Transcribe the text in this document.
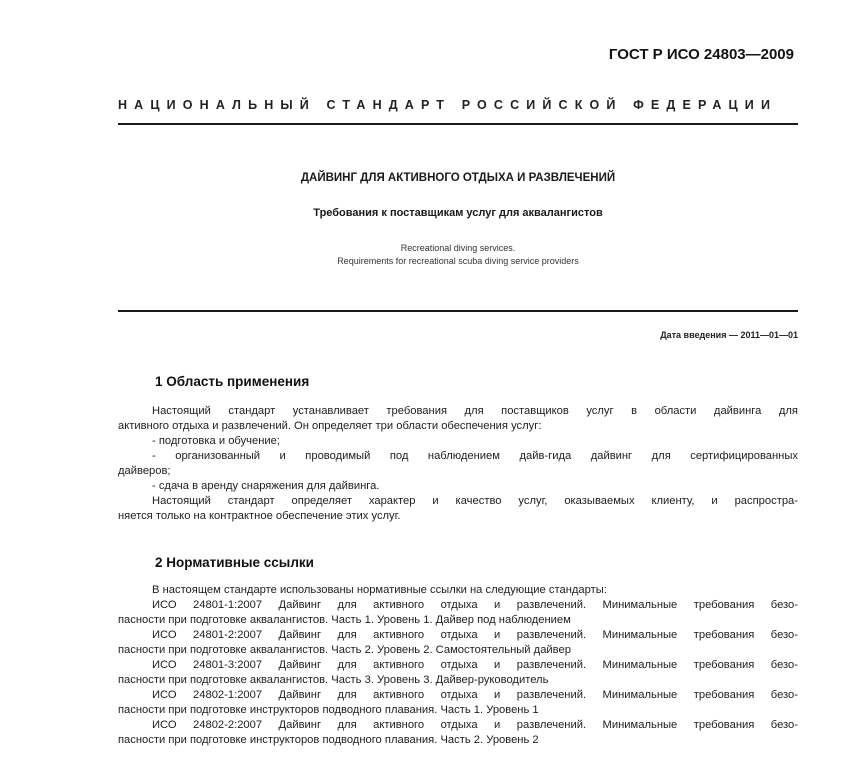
ГОСТ Р ИСО 24803—2009
НАЦИОНАЛЬНЫЙ СТАНДАРТ РОССИЙСКОЙ ФЕДЕРАЦИИ
ДАЙВИНГ ДЛЯ АКТИВНОГО ОТДЫХА И РАЗВЛЕЧЕНИЙ
Требования к поставщикам услуг для аквалангистов
Recreational diving services.
Requirements for recreational scuba diving service providers
Дата введения — 2011—01—01
1 Область применения
Настоящий стандарт устанавливает требования для поставщиков услуг в области дайвинга для
активного отдыха и развлечений. Он определяет три области обеспечения услуг:
- подготовка и обучение;
- организованный и проводимый под наблюдением дайв-гида дайвинг для сертифицированных
дайверов;
- сдача в аренду снаряжения для дайвинга.
Настоящий стандарт определяет характер и качество услуг, оказываемых клиенту, и распростра-
няется только на контрактное обеспечение этих услуг.
2 Нормативные ссылки
В настоящем стандарте использованы нормативные ссылки на следующие стандарты:
ИСО 24801-1:2007 Дайвинг для активного отдыха и развлечений. Минимальные требования безо-
пасности при подготовке аквалангистов. Часть 1. Уровень 1. Дайвер под наблюдением
ИСО 24801-2:2007 Дайвинг для активного отдыха и развлечений. Минимальные требования безо-
пасности при подготовке аквалангистов. Часть 2. Уровень 2. Самостоятельный дайвер
ИСО 24801-3:2007 Дайвинг для активного отдыха и развлечений. Минимальные требования безо-
пасности при подготовке аквалангистов. Часть 3. Уровень 3. Дайвер-руководитель
ИСО 24802-1:2007 Дайвинг для активного отдыха и развлечений. Минимальные требования безо-
пасности при подготовке инструкторов подводного плавания. Часть 1. Уровень 1
ИСО 24802-2:2007 Дайвинг для активного отдыха и развлечений. Минимальные требования безо-
пасности при подготовке инструкторов подводного плавания. Часть 2. Уровень 2
